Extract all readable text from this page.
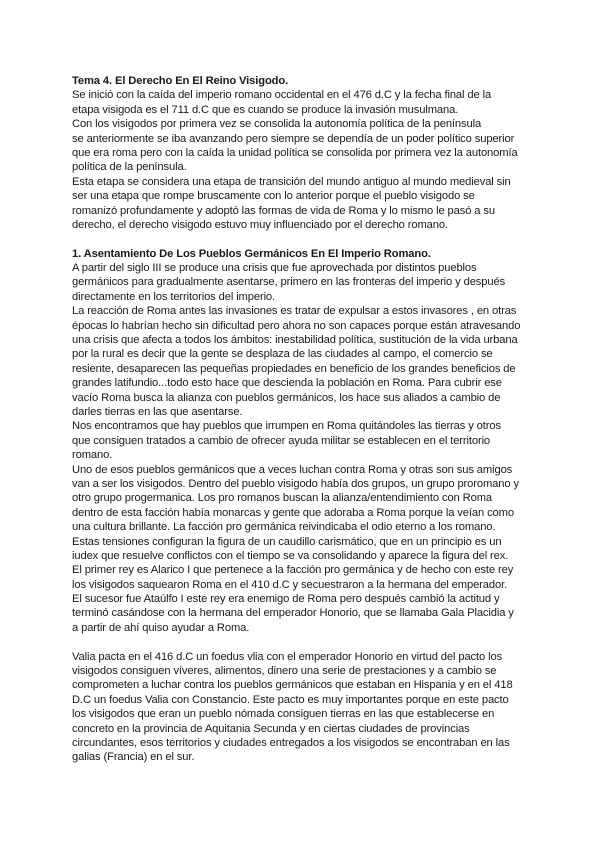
Tema 4. El Derecho En El Reino Visigodo.
Se inició con la caída del imperio romano occidental en el 476 d.C y la fecha final de la
etapa visigoda es el 711 d.C que es cuando se produce la invasión musulmana.
Con los visigodos por primera vez se consolida la autonomía política de la península
se anteriormente se iba avanzando pero siempre se dependía de un poder político superior
que era roma pero con la caída la unidad política se consolida por primera vez la autonomía
política de la península.
Esta etapa se considera una etapa de transición del mundo antiguo al mundo medieval sin
ser una etapa que rompe bruscamente con lo anterior porque el pueblo visigodo se
romanizó profundamente y adoptó las formas de vida de Roma y lo mismo le pasó a su
derecho, el derecho visigodo estuvo muy influenciado por el derecho romano.
1. Asentamiento De Los Pueblos Germánicos En El Imperio Romano.
A partir del siglo III se produce una crisis que fue aprovechada por distintos pueblos
germánicos para gradualmente asentarse, primero en las fronteras del imperio y después
directamente en los territorios del imperio.
La reacción de Roma antes las invasiones es tratar de expulsar a estos invasores , en otras
épocas lo habrían hecho sin dificultad pero ahora no son capaces porque están atravesando
una crisis que afecta a todos los ámbitos: inestabilidad política, sustitución de la vida urbana
por la rural es decir que la gente se desplaza de las ciudades al campo, el comercio se
resiente, desaparecen las pequeñas propiedades en beneficio de los grandes beneficios de
grandes latifundio...todo esto hace que descienda la población en Roma. Para cubrir ese
vacío Roma busca la alianza con pueblos germánicos, los hace sus aliados a cambio de
darles tierras en las que asentarse.
Nos encontramos que hay pueblos que irrumpen en Roma quitándoles las tierras y otros
que consiguen tratados a cambio de ofrecer ayuda militar se establecen en el territorio
romano.
Uno de esos pueblos germánicos que a veces luchan contra Roma y otras son sus amigos
van a ser los visigodos. Dentro del pueblo visigodo había dos grupos, un grupo proromano y
otro grupo progermanica. Los pro romanos buscan la alianza/entendimiento con Roma
dentro de esta facción había monarcas y gente que adoraba a Roma porque la veían como
una cultura brillante. La facción pro germánica reivindicaba el odio eterno a los romano.
Estas tensiones configuran la figura de un caudillo carismático, que en un principio es un
iudex que resuelve conflictos con el tiempo se va consolidando y aparece la figura del rex.
El primer rey es Alarico I que pertenece a la facción pro germánica y de hecho con este rey
los visigodos saquearon Roma en el 410 d.C y secuestraron a la hermana del emperador.
El sucesor fue Ataúlfo I este rey era enemigo de Roma pero después cambió la actitud y
terminó casándose con la hermana del emperador Honorio, que se llamaba Gala Placidia y
a partir de ahí quiso ayudar a Roma.
Valia pacta en el 416 d.C un foedus vlia con el emperador Honorio en virtud del pacto los
visigodos consiguen víveres, alimentos, dinero una serie de prestaciones y a cambio se
comprometen a luchar contra los pueblos germánicos que estaban en Hispania y en el 418
D.C un foedus Valia con Constancio. Este pacto es muy importantes porque en este pacto
los visigodos que eran un pueblo nómada consiguen tierras en las que establecerse en
concreto en la provincia de Aquitania Secunda y en ciertas ciudades de provincias
circundantes, esos territorios y ciudades entregados a los visigodos se encontraban en las
galias (Francia) en el sur.
